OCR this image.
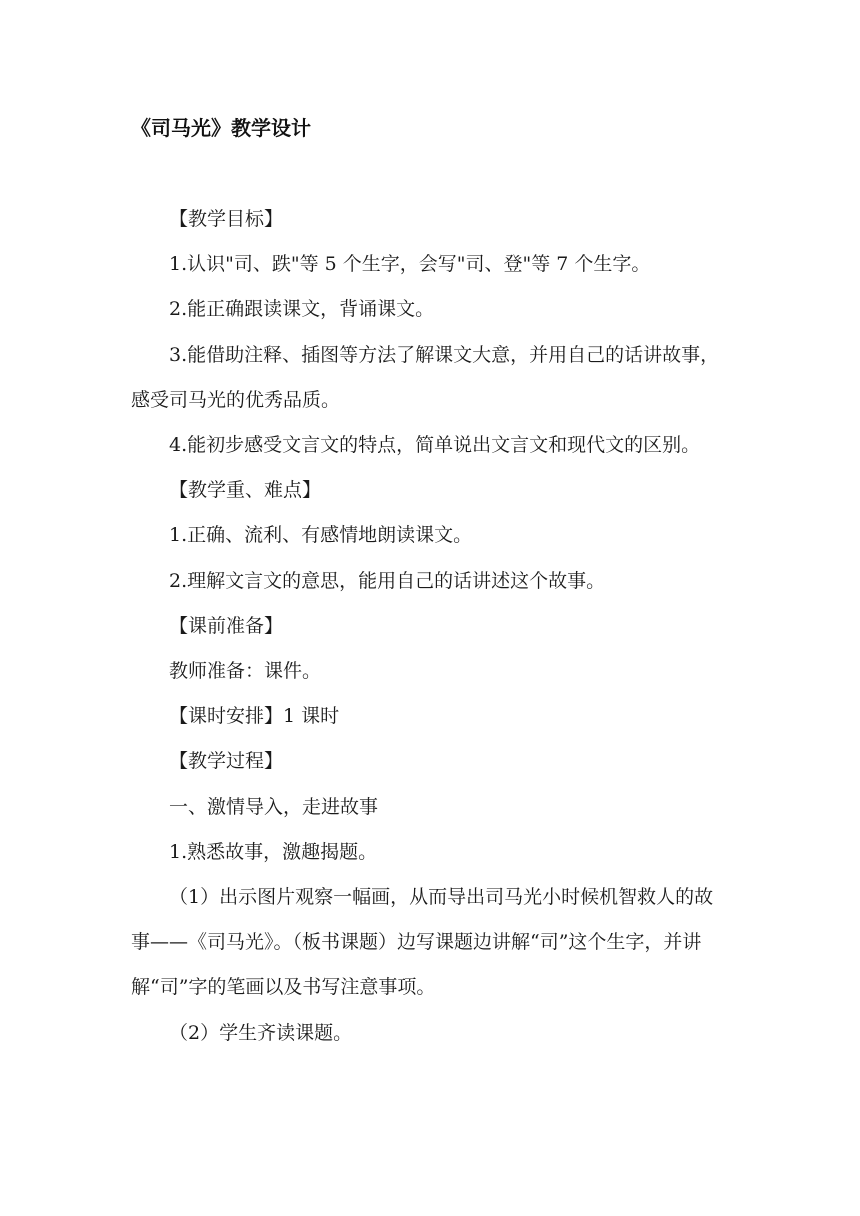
《司马光》教学设计

【教学目标】

1.认识"司、跌"等 5 个生字，会写"司、登"等 7 个生字。

2.能正确跟读课文，背诵课文。

3.能借助注释、插图等方法了解课文大意，并用自己的话讲故事，感受司马光的优秀品质。

4.能初步感受文言文的特点，简单说出文言文和现代文的区别。

【教学重、难点】

1.正确、流利、有感情地朗读课文。

2.理解文言文的意思，能用自己的话讲述这个故事。

【课前准备】

教师准备：课件。

【课时安排】1 课时

【教学过程】

一、激情导入，走进故事

1.熟悉故事，激趣揭题。

（1）出示图片观察一幅画，从而导出司马光小时候机智救人的故事——《司马光》。（板书课题）边写课题边讲解“司”这个生字，并讲解“司”字的笔画以及书写注意事项。

（2）学生齐读课题。
